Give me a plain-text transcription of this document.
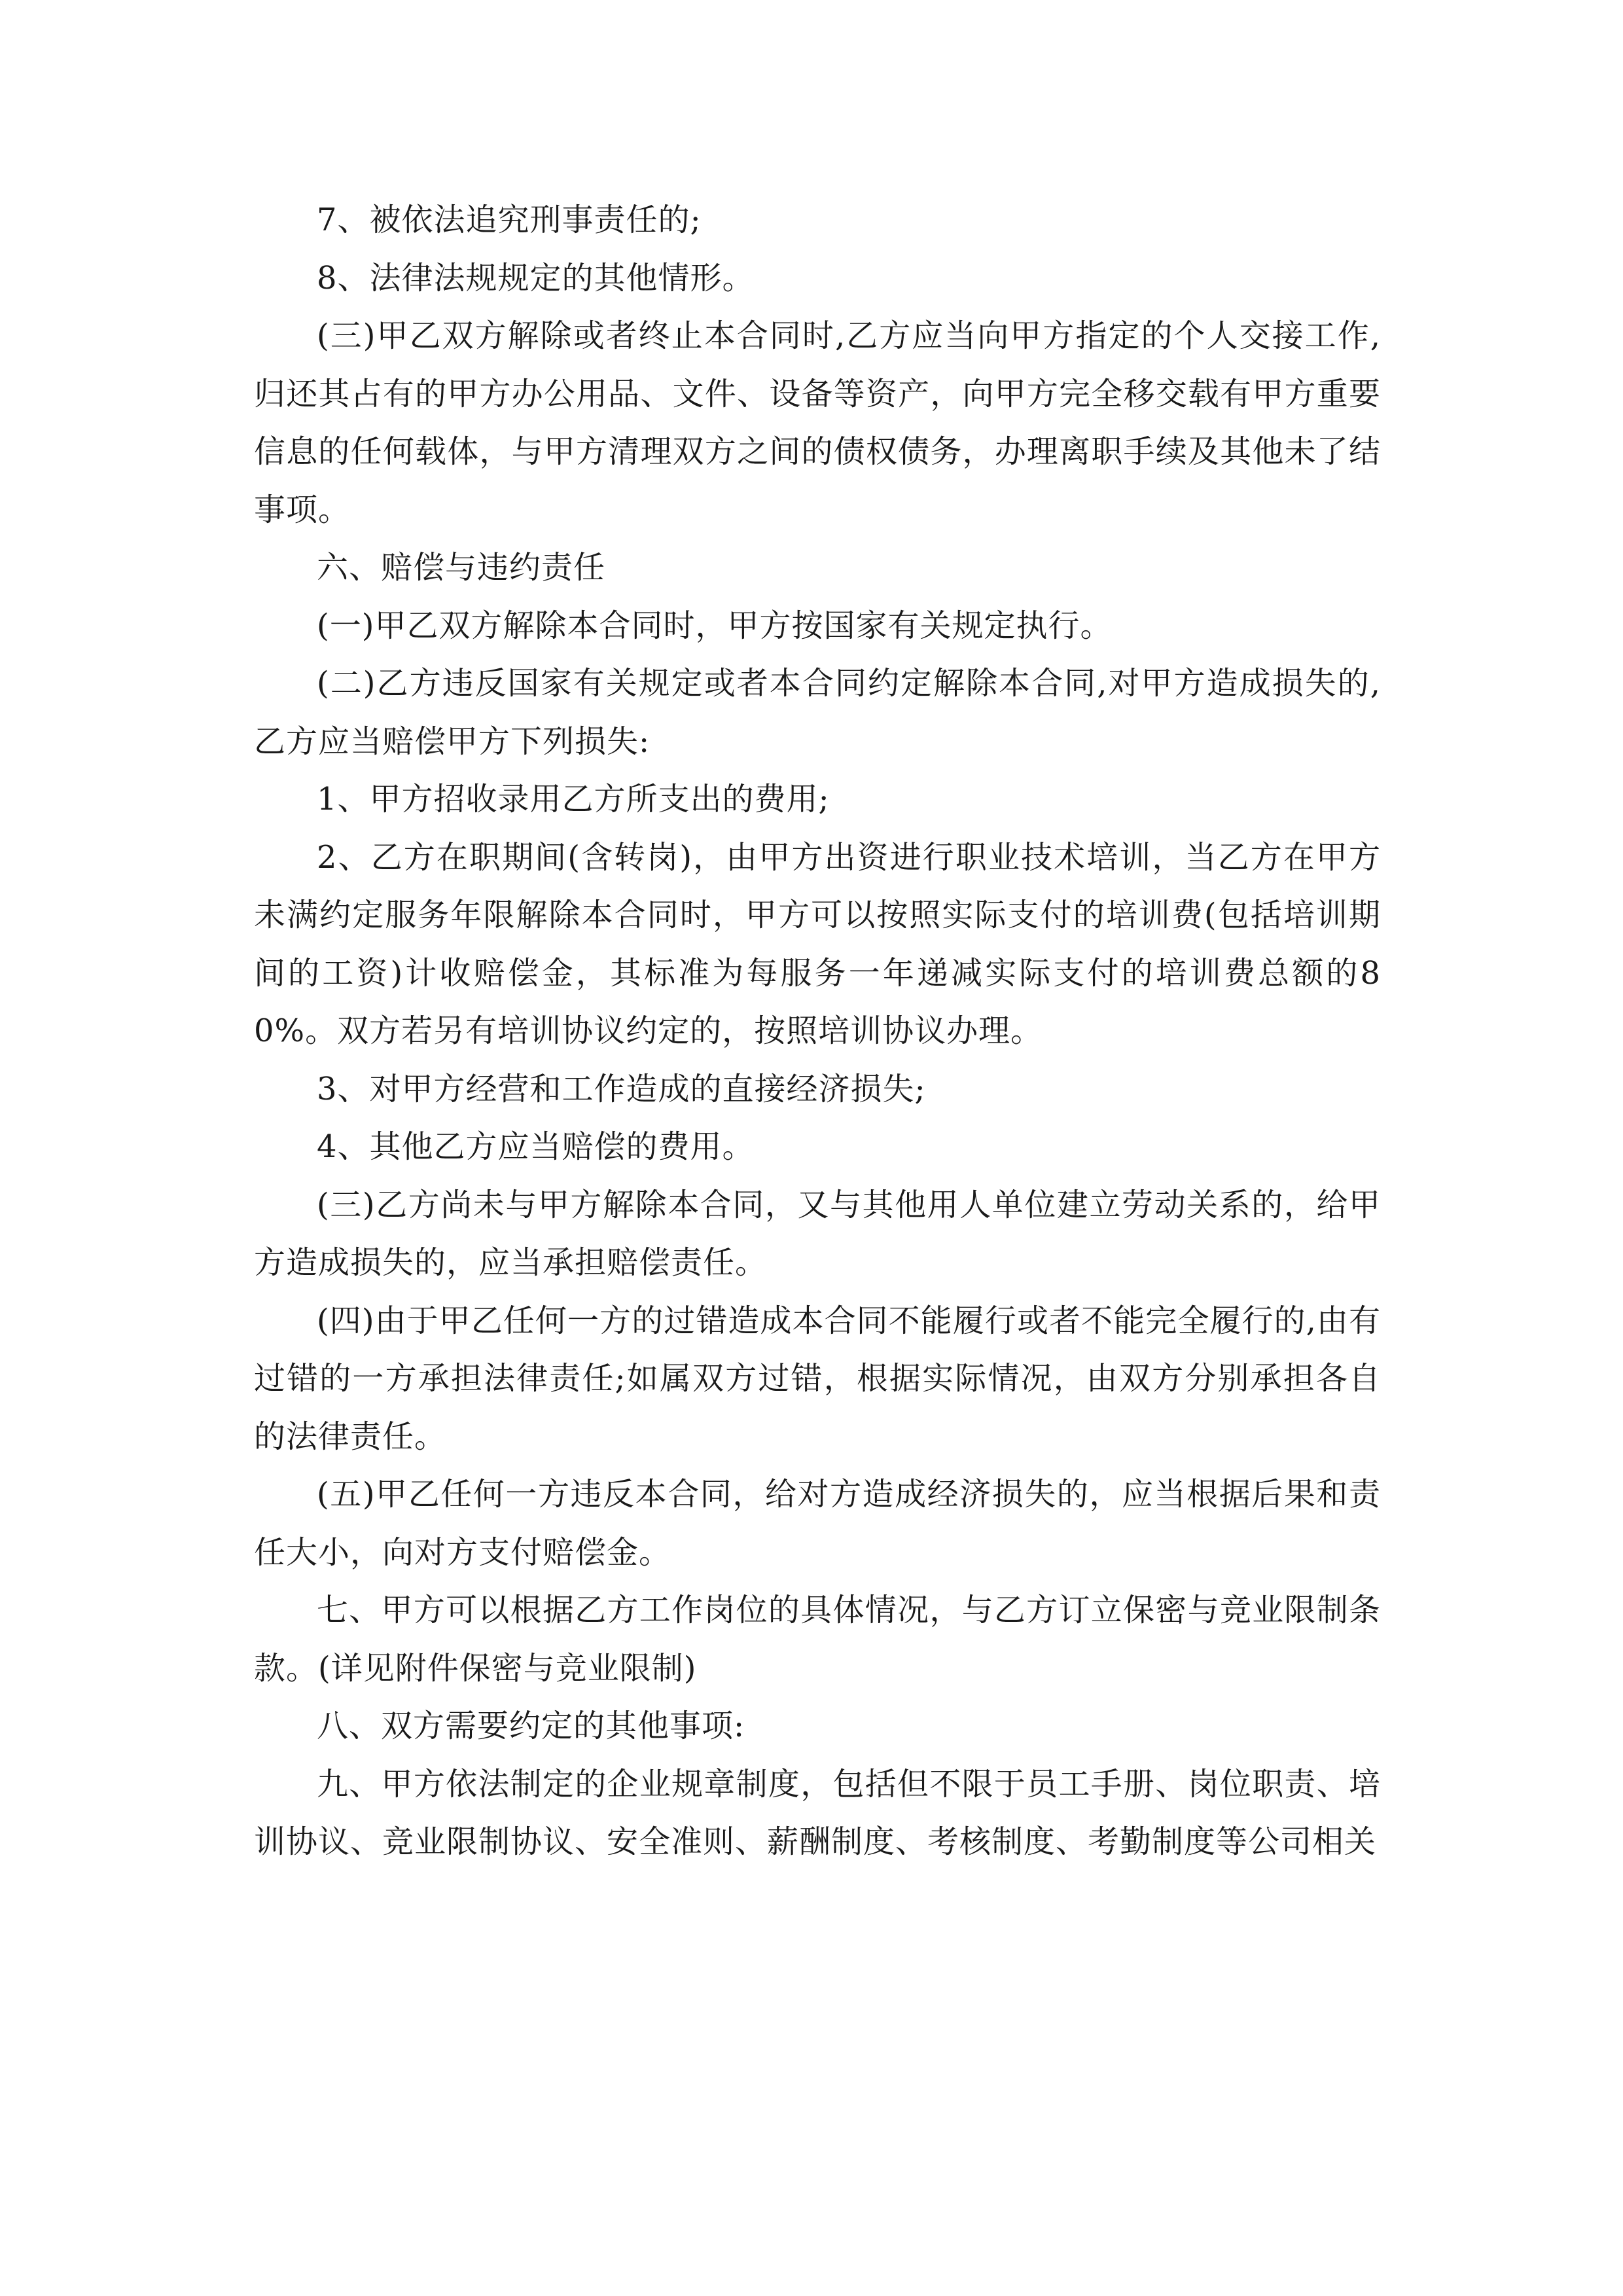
7、被依法追究刑事责任的;

8、法律法规规定的其他情形。

(三)甲乙双方解除或者终止本合同时,乙方应当向甲方指定的个人交接工作,归还其占有的甲方办公用品、文件、设备等资产，向甲方完全移交载有甲方重要信息的任何载体，与甲方清理双方之间的债权债务，办理离职手续及其他未了结事项。

六、赔偿与违约责任

(一)甲乙双方解除本合同时，甲方按国家有关规定执行。

(二)乙方违反国家有关规定或者本合同约定解除本合同,对甲方造成损失的,乙方应当赔偿甲方下列损失:

1、甲方招收录用乙方所支出的费用;

2、乙方在职期间(含转岗)，由甲方出资进行职业技术培训，当乙方在甲方未满约定服务年限解除本合同时，甲方可以按照实际支付的培训费(包括培训期间的工资)计收赔偿金，其标准为每服务一年递减实际支付的培训费总额的80%。双方若另有培训协议约定的，按照培训协议办理。

3、对甲方经营和工作造成的直接经济损失;

4、其他乙方应当赔偿的费用。

(三)乙方尚未与甲方解除本合同，又与其他用人单位建立劳动关系的，给甲方造成损失的，应当承担赔偿责任。

(四)由于甲乙任何一方的过错造成本合同不能履行或者不能完全履行的,由有过错的一方承担法律责任;如属双方过错，根据实际情况，由双方分别承担各自的法律责任。

(五)甲乙任何一方违反本合同，给对方造成经济损失的，应当根据后果和责任大小，向对方支付赔偿金。

七、甲方可以根据乙方工作岗位的具体情况，与乙方订立保密与竞业限制条款。(详见附件保密与竞业限制)

八、双方需要约定的其他事项:

九、甲方依法制定的企业规章制度，包括但不限于员工手册、岗位职责、培训协议、竞业限制协议、安全准则、薪酬制度、考核制度、考勤制度等公司相关
